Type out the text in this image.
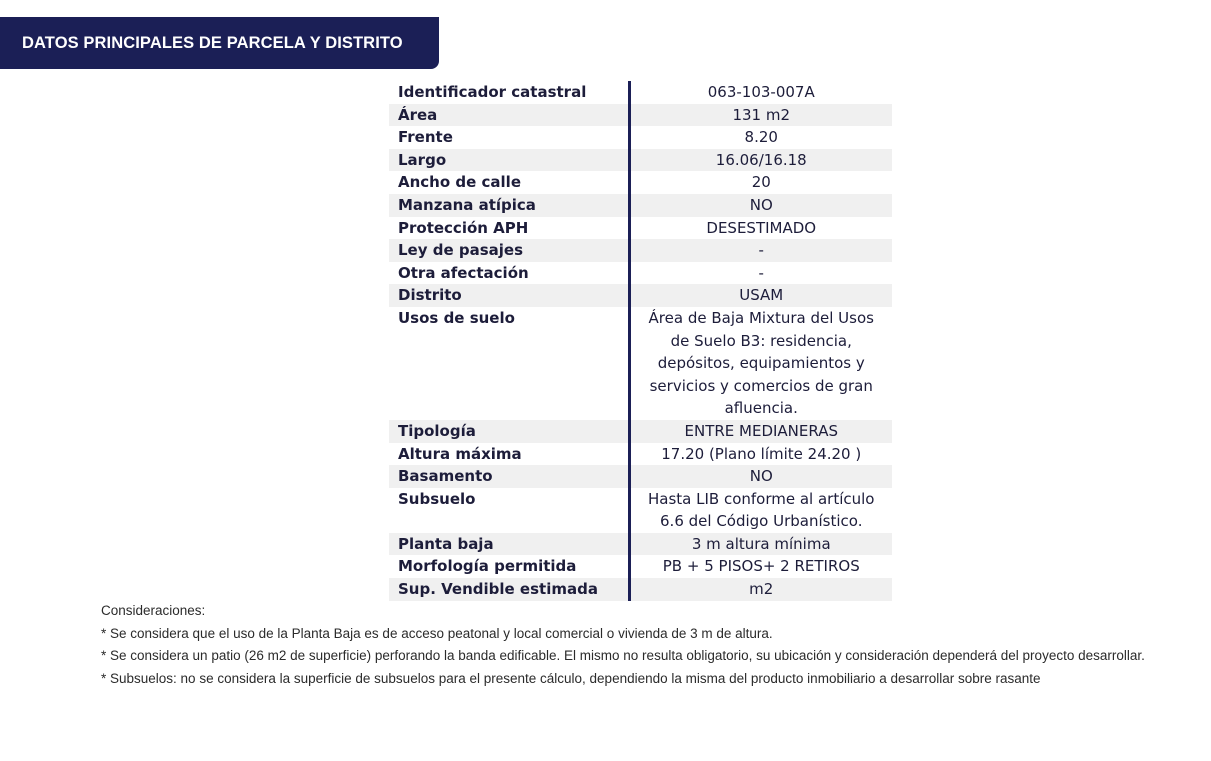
DATOS PRINCIPALES DE PARCELA Y DISTRITO
Identificador catastral	063-103-007A
Área	131 m2
Frente	8.20
Largo	16.06/16.18
Ancho de calle	20
Manzana atípica	NO
Protección APH	DESESTIMADO
Ley de pasajes	-
Otra afectación	-
Distrito	USAM
Usos de suelo	Área de Baja Mixtura del Usos de Suelo B3: residencia, depósitos, equipamientos y servicios y comercios de gran afluencia.
Tipología	ENTRE MEDIANERAS
Altura máxima	17.20 (Plano límite 24.20 )
Basamento	NO
Subsuelo	Hasta LIB conforme al artículo 6.6 del Código Urbanístico.
Planta baja	3 m altura mínima
Morfología permitida	PB + 5 PISOS+ 2 RETIROS
Sup. Vendible estimada	m2

Consideraciones:

* Se considera que el uso de la Planta Baja es de acceso peatonal y local comercial o vivienda de 3 m de altura.

* Se considera un patio (26 m2 de superficie) perforando la banda edificable. El mismo no resulta obligatorio, su ubicación y consideración dependerá del proyecto desarrollar.

* Subsuelos: no se considera la superficie de subsuelos para el presente cálculo, dependiendo la misma del producto inmobiliario a desarrollar sobre rasante
